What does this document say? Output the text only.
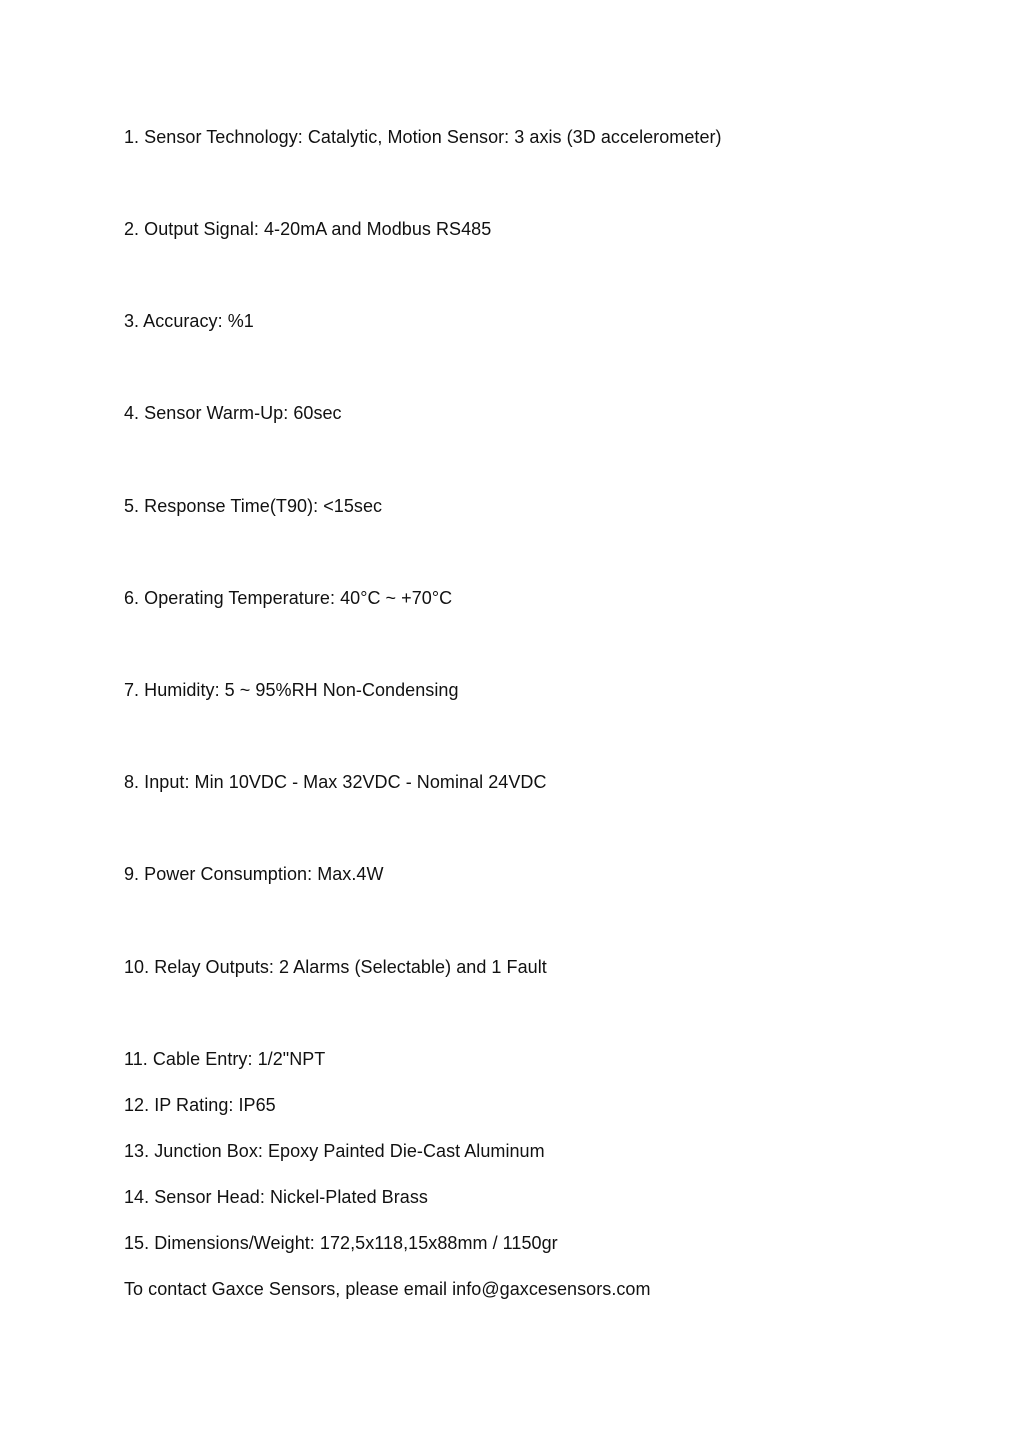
1. Sensor Technology: Catalytic, Motion Sensor: 3 axis (3D accelerometer)
2. Output Signal: 4-20mA and Modbus RS485
3. Accuracy: %1
4. Sensor Warm-Up: 60sec
5. Response Time(T90): <15sec
6. Operating Temperature: 40°C ~ +70°C
7. Humidity: 5 ~ 95%RH Non-Condensing
8. Input: Min 10VDC - Max 32VDC - Nominal 24VDC
9. Power Consumption: Max.4W
10. Relay Outputs: 2 Alarms (Selectable) and 1 Fault
11. Cable Entry: 1/2"NPT
12. IP Rating: IP65
13. Junction Box: Epoxy Painted Die-Cast Aluminum
14. Sensor Head: Nickel-Plated Brass
15. Dimensions/Weight: 172,5x118,15x88mm / 1150gr
To contact Gaxce Sensors, please email info@gaxcesensors.com
